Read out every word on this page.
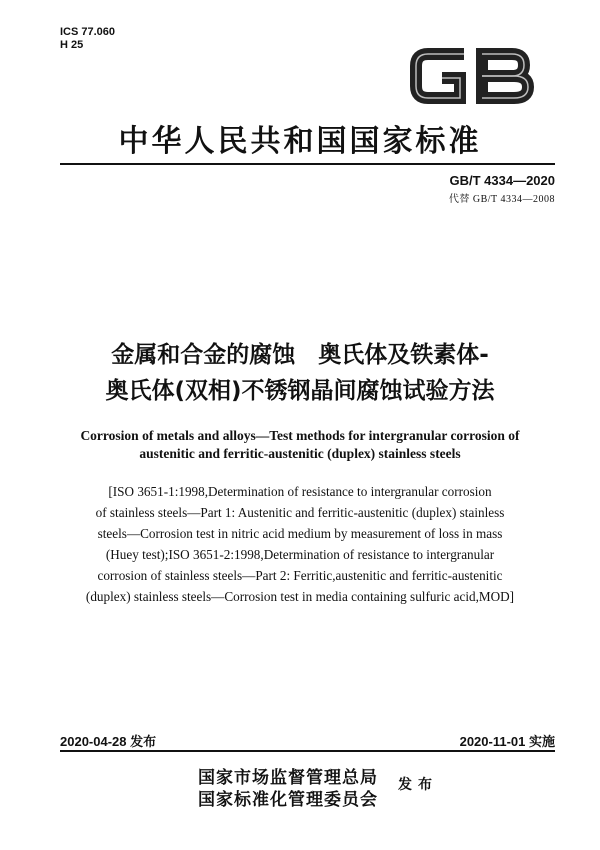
ICS 77.060
H 25	GB
中华人民共和国国家标准
GB/T 4334—2020
代替 GB/T 4334—2008
金属和合金的腐蚀　奥氏体及铁素体-
奥氏体(双相)不锈钢晶间腐蚀试验方法
Corrosion of metals and alloys—Test methods for intergranular corrosion of
austenitic and ferritic-austenitic (duplex) stainless steels
[ISO 3651-1:1998,Determination of resistance to intergranular corrosion
of stainless steels—Part 1: Austenitic and ferritic-austenitic (duplex) stainless
steels—Corrosion test in nitric acid medium by measurement of loss in mass
(Huey test);ISO 3651-2:1998,Determination of resistance to intergranular
corrosion of stainless steels—Part 2: Ferritic,austenitic and ferritic-austenitic
(duplex) stainless steels—Corrosion test in media containing sulfuric acid,MOD]
2020-04-28 发布	2020-11-01 实施
国家市场监督管理总局
国家标准化管理委员会
发布
